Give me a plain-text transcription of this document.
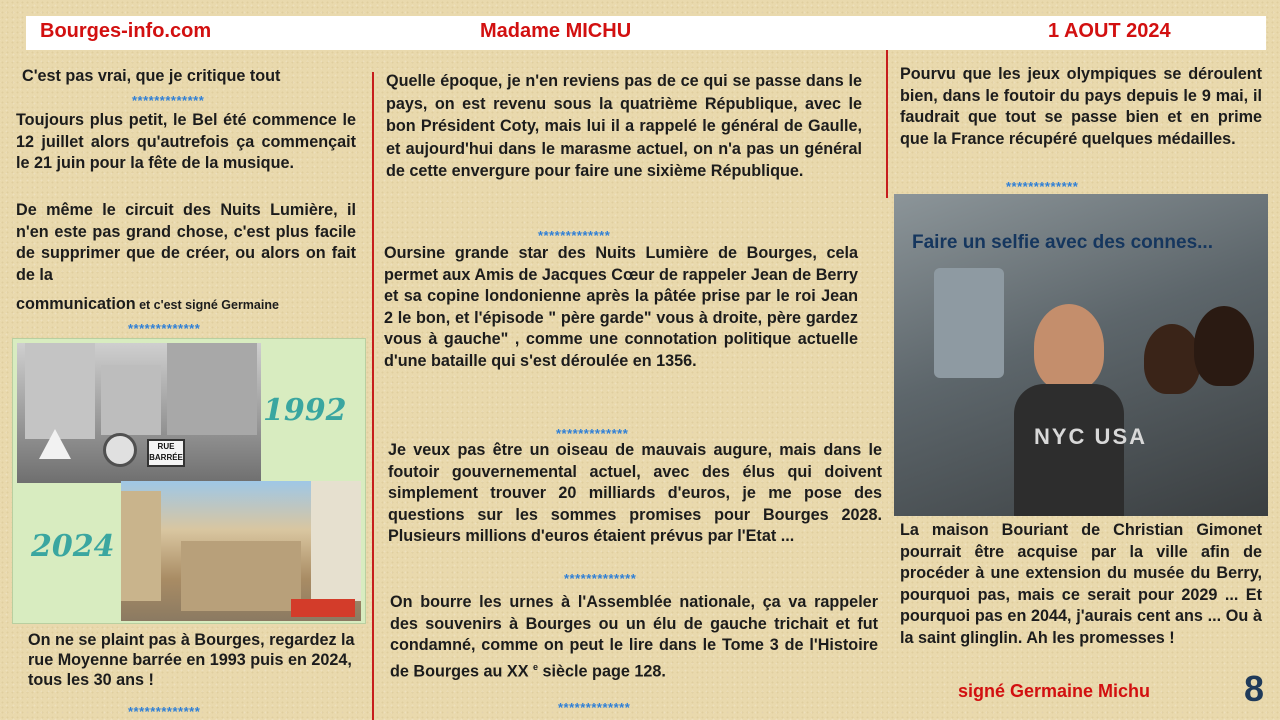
Bourges-info.com	Madame MICHU	1 AOUT 2024
C'est pas vrai, que je critique tout
*************
Toujours plus petit, le Bel été commence le 12 juillet alors qu'autrefois ça commençait le 21 juin pour la fête de la musique.
De même le circuit des Nuits Lumière, il n'en este pas grand chose, c'est plus facile de supprimer que de créer, ou alors on fait de la
communication et c'est signé Germaine
*************
RUE BARRÉE
1992
2024
On ne se plaint pas à Bourges, regardez la rue Moyenne barrée en 1993 puis en 2024, tous les 30 ans !
*************
Quelle époque, je n'en reviens pas de ce qui se passe dans le pays, on est revenu sous la quatrième République, avec le bon Président Coty, mais lui il a rappelé le général de Gaulle, et aujourd'hui dans le marasme actuel, on n'a pas un général de cette envergure pour faire une sixième République.
*************
Oursine grande star des Nuits Lumière de Bourges, cela permet aux Amis de Jacques Cœur de rappeler Jean de Berry et sa copine londonienne après la pâtée prise par le roi Jean 2 le bon, et l'épisode " père garde" vous à droite, père gardez vous à gauche" , comme une connotation politique actuelle d'une bataille qui s'est déroulée en 1356.
*************
Je veux pas être un oiseau de mauvais augure, mais dans le foutoir gouvernemental actuel, avec des élus qui doivent simplement trouver 20 milliards d'euros, je me pose des questions sur les sommes promises pour Bourges 2028. Plusieurs millions d'euros étaient prévus par l'Etat ...
*************
On bourre les urnes à l'Assemblée nationale, ça va rappeler des souvenirs à Bourges ou un élu de gauche trichait et fut condamné, comme on peut le lire dans le Tome 3 de l'Histoire de Bourges au XX $^e$ siècle page 128.
*************
Pourvu que les jeux olympiques se déroulent bien, dans le foutoir du pays depuis le 9 mai, il faudrait que tout se passe bien et en prime que la France récupéré quelques médailles.
*************
Faire un selfie avec des connes...
NYC USA
La maison Bouriant de Christian Gimonet pourrait être acquise par la ville afin de procéder à une extension du musée du Berry, pourquoi pas, mais ce serait pour 2029 ... Et pourquoi pas en 2044, j'aurais cent ans ... Ou à la saint glinglin. Ah les promesses !
signé Germaine Michu	8
